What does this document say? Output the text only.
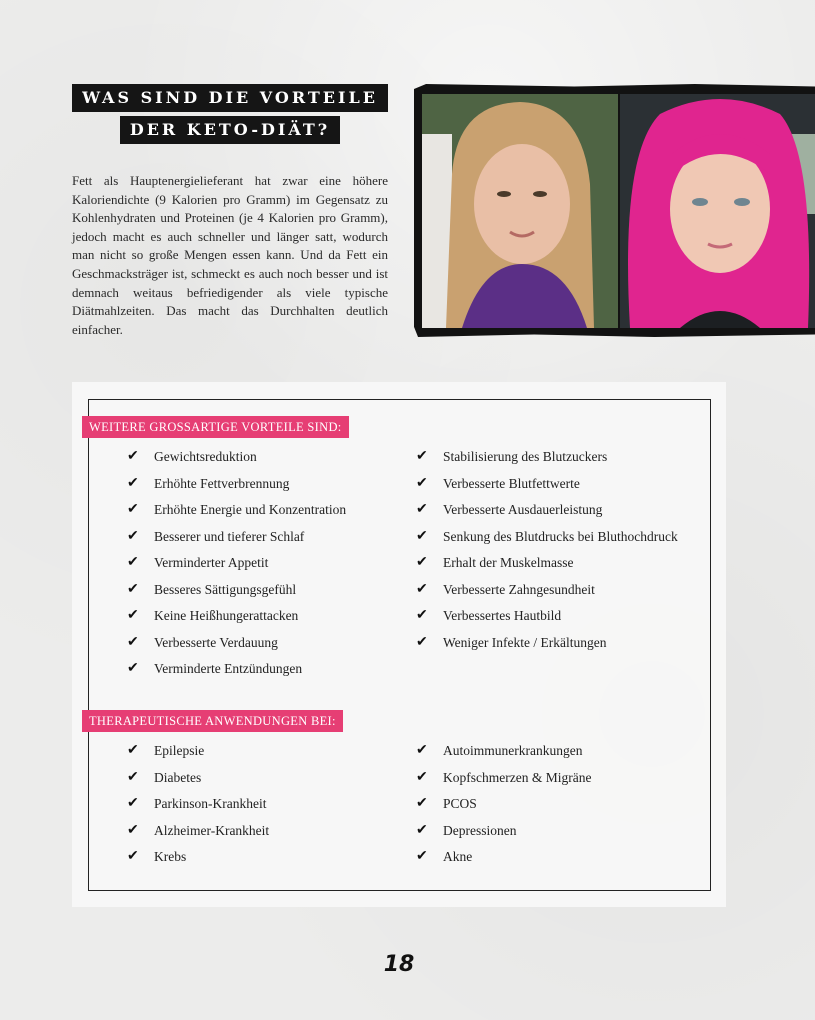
WAS SIND DIE VORTEILE
DER KETO-DIÄT?

Fett als Hauptenergielieferant hat zwar eine höhere Kaloriendichte (9 Kalorien pro Gramm) im Gegensatz zu Kohlenhydraten und Proteinen (je 4 Kalorien pro Gramm), jedoch macht es auch schneller und länger satt, wodurch man nicht so große Mengen essen kann. Und da Fett ein Geschmacksträger ist, schmeckt es auch noch besser und ist demnach weitaus befriedigender als viele typische Diätmahlzeiten. Das macht das Durchhalten deutlich einfacher.

WEITERE GROSSARTIGE VORTEILE SIND:
✔ Gewichtsreduktion
✔ Erhöhte Fettverbrennung
✔ Erhöhte Energie und Konzentration
✔ Besserer und tieferer Schlaf
✔ Verminderter Appetit
✔ Besseres Sättigungsgefühl
✔ Keine Heißhungerattacken
✔ Verbesserte Verdauung
✔ Verminderte Entzündungen
✔ Stabilisierung des Blutzuckers
✔ Verbesserte Blutfettwerte
✔ Verbesserte Ausdauerleistung
✔ Senkung des Blutdrucks bei Bluthochdruck
✔ Erhalt der Muskelmasse
✔ Verbesserte Zahngesundheit
✔ Verbessertes Hautbild
✔ Weniger Infekte / Erkältungen
THERAPEUTISCHE ANWENDUNGEN BEI:
✔ Epilepsie
✔ Diabetes
✔ Parkinson-Krankheit
✔ Alzheimer-Krankheit
✔ Krebs
✔ Autoimmunerkrankungen
✔ Kopfschmerzen & Migräne
✔ PCOS
✔ Depressionen
✔ Akne
18
